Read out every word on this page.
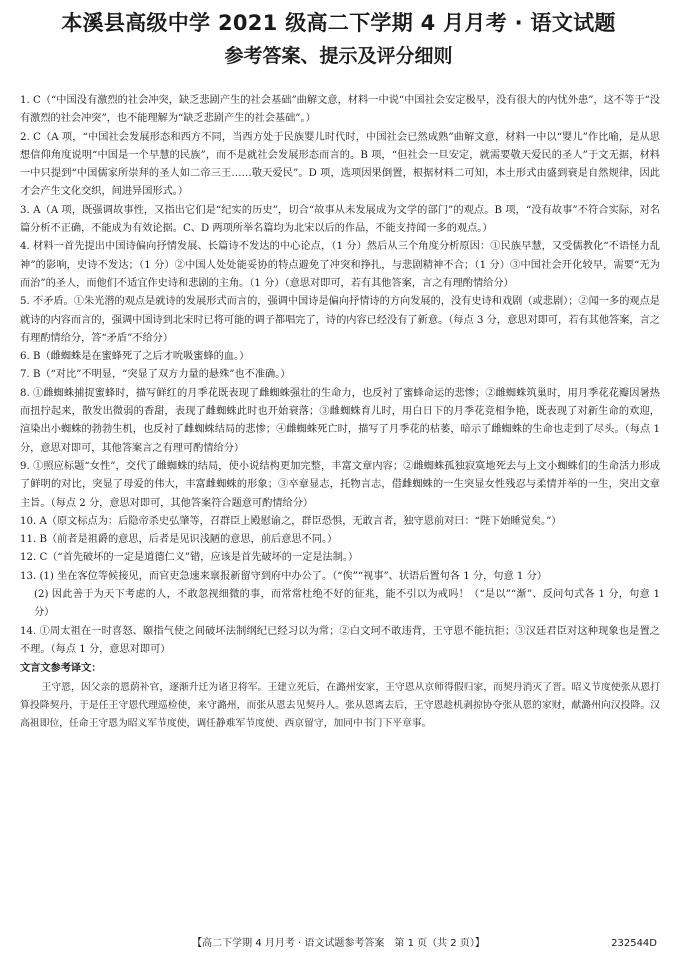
本溪县高级中学 2021 级高二下学期 4 月月考 · 语文试题
参考答案、提示及评分细则

1. C（“中国没有激烈的社会冲突，缺乏悲剧产生的社会基础”曲解文意，材料一中说“中国社会安定极早，没有很大的内忧外患”，这不等于“没有激烈的社会冲突”，也不能理解为“缺乏悲剧产生的社会基础”。）

2. C（A 项，“中国社会发展形态和西方不同，当西方处于民族婴儿时代时，中国社会已然成熟”曲解文意，材料一中以“婴儿”作比喻，是从思想信仰角度说明“中国是一个早慧的民族”，而不是就社会发展形态而言的。B 项，“但社会一旦安定，就需要敬天爱民的圣人”于文无据，材料一中只提到“中国儒家所崇拜的圣人如二帝三王……敬天爱民”。D 项，选项因果倒置，根据材料二可知，本土形式由盛到衰是自然规律，因此才会产生文化交织，间进异国形式。）

3. A（A 项，既强调故事性，又指出它们是“纪实的历史”，切合“故事从未发展成为文学的部门”的观点。B 项，“没有故事”不符合实际，对名篇分析不正确，不能成为有效论据。C、D 两项所举名篇均为北宋以后的作品，不能支持闻一多的观点。）

4. 材料一首先提出中国诗偏向抒情发展、长篇诗不发达的中心论点，（1 分）然后从三个角度分析原因：①民族早慧，又受儒教化“不语怪力乱神”的影响，史诗不发达；（1 分）②中国人处处能妥协的特点避免了冲突和挣扎，与悲剧精神不合；（1 分）③中国社会开化较早，需要“无为而治”的圣人，而他们不适宜作史诗和悲剧的主角。（1 分）（意思对即可，若有其他答案，言之有理酌情给分）

5. 不矛盾。①朱光潜的观点是就诗的发展形式而言的，强调中国诗是偏向抒情诗的方向发展的，没有史诗和戏剧（或悲剧）；②闻一多的观点是就诗的内容而言的，强调中国诗到北宋时已将可能的调子都唱完了，诗的内容已经没有了新意。（每点 3 分，意思对即可，若有其他答案，言之有理酌情给分，答“矛盾”不给分）

6. B（雌蜘蛛是在蜜蜂死了之后才吮吸蜜蜂的血。）

7. B（“对比”不明显，“突显了双方力量的悬殊”也不准确。）

8. ①雌蜘蛛捕捉蜜蜂时，描写鲜红的月季花既表现了雌蜘蛛强壮的生命力，也反衬了蜜蜂命运的悲惨；②雌蜘蛛筑巢时，用月季花花瓣因暑热而扭拧起来，散发出微弱的香甜，表现了雌蜘蛛此时也开始衰落；③雌蜘蛛育儿时，用白日下的月季花竞相争艳，既表现了对新生命的欢迎，渲染出小蜘蛛的勃勃生机，也反衬了雌蜘蛛结局的悲惨；④雌蜘蛛死亡时，描写了月季花的枯萎，暗示了雌蜘蛛的生命也走到了尽头。（每点 1 分，意思对即可，其他答案言之有理可酌情给分）

9. ①照应标题“女性”，交代了雌蜘蛛的结局，使小说结构更加完整，丰富文章内容；②雌蜘蛛孤独寂寞地死去与上文小蜘蛛们的生命活力形成了鲜明的对比，突显了母爱的伟大，丰富雌蜘蛛的形象；③卒章显志，托物言志，借雌蜘蛛的一生突显女性残忍与柔情并举的一生，突出文章主旨。（每点 2 分，意思对即可，其他答案符合题意可酌情给分）

10. A（原文标点为：后隐帝杀史弘肇等，召群臣上殿慰谕之，群臣恐惧，无敢言者，独守恩前对曰：“陛下始睡觉矣。”）

11. B（前者是祖爵的意思，后者是见识浅陋的意思，前后意思不同。）

12. C（“首先破坏的一定是道德仁义”错，应该是首先破坏的一定是法制。）

13. (1) 坐在客位等候接见，而官吏急速来禀报新留守到府中办公了。（“俟”“视事”、状语后置句各 1 分，句意 1 分）

(2) 因此善于为天下考虑的人，不敢忽视细微的事，而常常杜绝不好的征兆，能不引以为戒吗！（“是以”“渐”、反问句式各 1 分，句意 1 分）

14. ①周太祖在一时喜怒、颐指气使之间破坏法制纲纪已经习以为常；②白文珂不敢违背，王守恩不能抗拒；③汉廷君臣对这种现象也是置之不理。（每点 1 分，意思对即可）

文言文参考译文：

王守恩，因父亲的恩荫补官，逐渐升迁为诸卫将军。王建立死后，在潞州安家，王守恩从京师得假归家，而契丹消灭了晋。昭义节度使张从恩打算投降契丹，于是任王守恩代理巡检使，来守潞州，而张从恩去见契丹人。张从恩离去后，王守恩趁机剥掠协夺张从恩的家财，献潞州向汉投降。汉高祖即位，任命王守恩为昭义军节度使，调任静难军节度使、西京留守，加同中书门下平章事。

【高二下学期 4 月月考 · 语文试题参考答案　第 1 页（共 2 页）】	232544D
